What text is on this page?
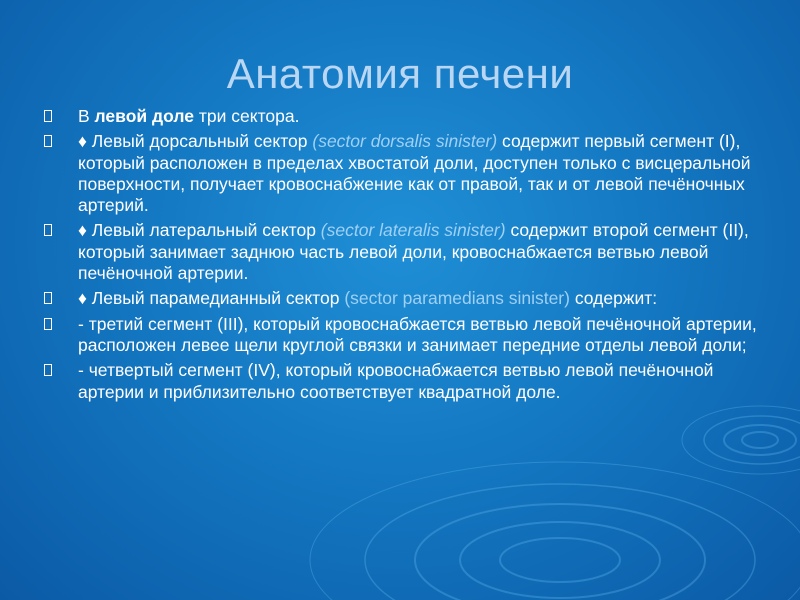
Анатомия печени
В левой доле три сектора.
♦ Левый дорсальный сектор (sector dorsalis sinister) содержит первый сегмент (I), который расположен в пределах хвостатой доли, доступен только с висцеральной поверхности, получает кровоснабжение как от правой, так и от левой печёночных артерий.
♦ Левый латеральный сектор (sector lateralis sinister) содержит второй сегмент (II), который занимает заднюю часть левой доли, кровоснабжается ветвью левой печёночной артерии.
♦ Левый парамедианный сектор (sector paramedians sinister) содержит:
- третий сегмент (III), который кровоснабжается ветвью левой печёночной артерии, расположен левее щели круглой связки и занимает передние отделы левой доли;
- четвертый сегмент (IV), который кровоснабжается ветвью левой печёночной артерии и приблизительно соответствует квадратной доле.
